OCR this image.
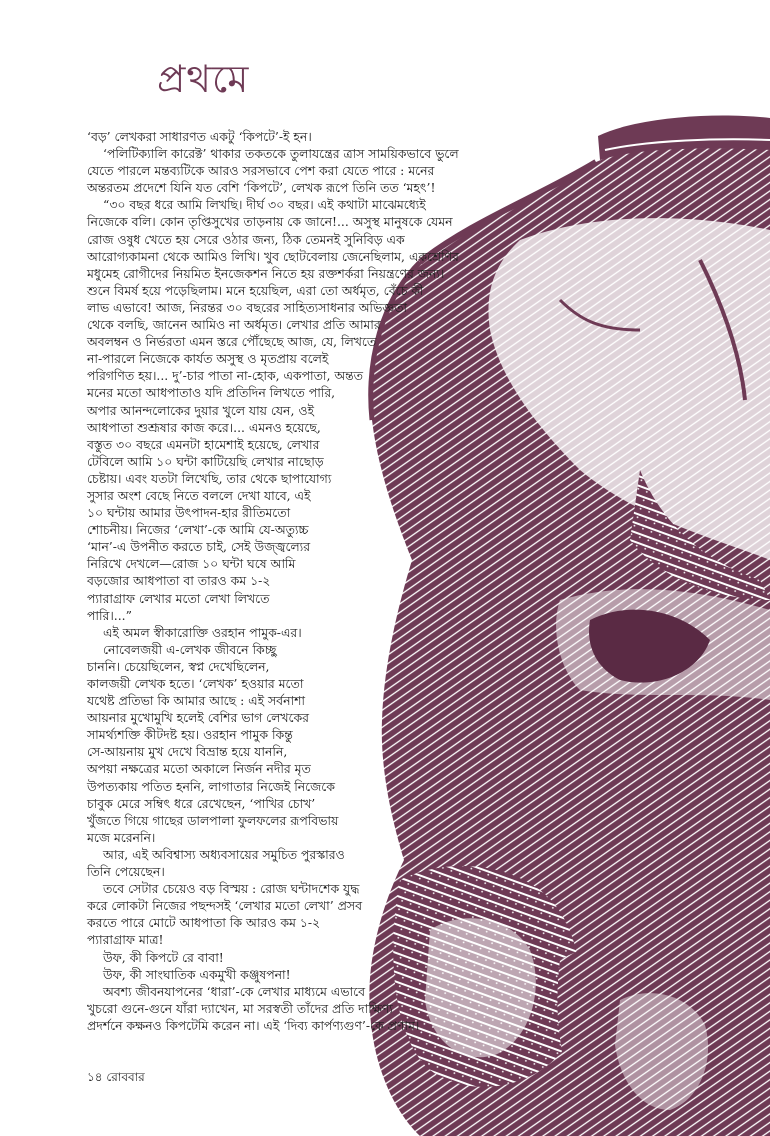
প্রথমে
‘বড়’ লেখকরা সাধারণত একটু ‘কিপটে’-ই হন।
‘পলিটিক্যালি কারেক্ট’ থাকার তকতকে তুলাযন্ত্রের ত্রাস সাময়িকভাবে ভুলে
যেতে পারলে মন্তব্যটিকে আরও সরসভাবে পেশ করা যেতে পারে : মনের
অন্তরতম প্রদেশে যিনি যত বেশি ‘কিপটে’, লেখক রূপে তিনি তত ‘মহৎ’!
“৩০ বছর ধরে আমি লিখছি। দীর্ঘ ৩০ বছর। এই কথাটা মাঝেমধ্যেই
নিজেকে বলি। কোন তৃপ্তিসুখের তাড়নায় কে জানে!... অসুস্থ মানুষকে যেমন
রোজ ওষুধ খেতে হয় সেরে ওঠার জন্য, ঠিক তেমনই সুনিবিড় এক
আরোগ্যকামনা থেকে আমিও লিখি। খুব ছোটবেলায় জেনেছিলাম, একশ্রেণির
মধুমেহ রোগীদের নিয়মিত ইনজেকশন নিতে হয় রক্তশর্করা নিয়ন্ত্রণের জন্য।
শুনে বিমর্ষ হয়ে পড়েছিলাম। মনে হয়েছিল, এরা তো অর্ধমৃত, বেঁচে কী
লাভ এভাবে! আজ, নিরন্তর ৩০ বছরের সাহিত্যসাধনার অভিজ্ঞতা
থেকে বলছি, জানেন আমিও না অর্ধমৃত। লেখার প্রতি আমার
অবলম্বন ও নির্ভরতা এমন স্তরে পৌঁছেছে আজ, যে, লিখতে
না-পারলে নিজেকে কার্যত অসুস্থ ও মৃতপ্রায় বলেই
পরিগণিত হয়।... দু’-চার পাতা না-হোক, একপাতা, অন্তত
মনের মতো আধপাতাও যদি প্রতিদিন লিখতে পারি,
অপার আনন্দলোকের দুয়ার খুলে যায় যেন, ওই
আধপাতা শুশ্রূষার কাজ করে।... এমনও হয়েছে,
বস্তুত ৩০ বছরে এমনটা হামেশাই হয়েছে, লেখার
টেবিলে আমি ১০ ঘন্টা কাটিয়েছি লেখার নাছোড়
চেষ্টায়। এবং যতটা লিখেছি, তার থেকে ছাপাযোগ্য
সুসার অংশ বেছে নিতে বললে দেখা যাবে, এই
১০ ঘন্টায় আমার উৎপাদন-হার রীতিমতো
শোচনীয়। নিজের ‘লেখা’-কে আমি যে-অত্যুচ্চ
‘মান’-এ উপনীত করতে চাই, সেই উজ্জ্বল্যের
নিরিখে দেখলে—রোজ ১০ ঘন্টা ঘষে আমি
বড়জোর আধপাতা বা তারও কম ১-২
প্যারাগ্রাফ লেখার মতো লেখা লিখতে
পারি।...”
এই অমল স্বীকারোক্তি ওরহান পামুক-এর।
নোবেলজয়ী এ-লেখক জীবনে কিচ্ছু
চাননি। চেয়েছিলেন, স্বপ্ন দেখেছিলেন,
কালজয়ী লেখক হতে। ‘লেখক’ হওয়ার মতো
যথেষ্ট প্রতিভা কি আমার আছে : এই সর্বনাশা
আয়নার মুখোমুখি হলেই বেশির ভাগ লেখকের
সামর্থ্যশক্তি কীটদষ্ট হয়। ওরহান পামুক কিন্তু
সে-আয়নায় মুখ দেখে বিভ্রান্ত হয়ে যাননি,
অপয়া নক্ষত্রের মতো অকালে নির্জন নদীর মৃত
উপত্যকায় পতিত হননি, লাগাতার নিজেই নিজেকে
চাবুক মেরে সম্বিৎ ধরে রেখেছেন, ‘পাখির চোখ’
খুঁজতে গিয়ে গাছের ডালপালা ফুলফলের রূপবিভায়
মজে মরেননি।
আর, এই অবিশ্বাস্য অধ্যবসায়ের সমুচিত পুরস্কারও
তিনি পেয়েছেন।
তবে সেটার চেয়েও বড় বিস্ময় : রোজ ঘন্টাদশেক যুদ্ধ
করে লোকটা নিজের পছন্দসই ‘লেখার মতো লেখা’ প্রসব
করতে পারে মোটে আধপাতা কি আরও কম ১-২
প্যারাগ্রাফ মাত্র!
উফ, কী কিপটে রে বাবা!
উফ, কী সাংঘাতিক একমুখী কঞ্জুষপনা!
অবশ্য জীবনযাপনের ‘ধারা’-কে লেখার মাধ্যমে এভাবে
খুচরো গুনে-গুনে যাঁরা দ্যাখেন, মা সরস্বতী তাঁদের প্রতি দাক্ষিণ্য
প্রদর্শনে কক্ষনও কিপটেমি করেন না। এই ‘দিব্য কার্পণ্যগুণ’-কে প্রণাম।
১৪ রোববার
